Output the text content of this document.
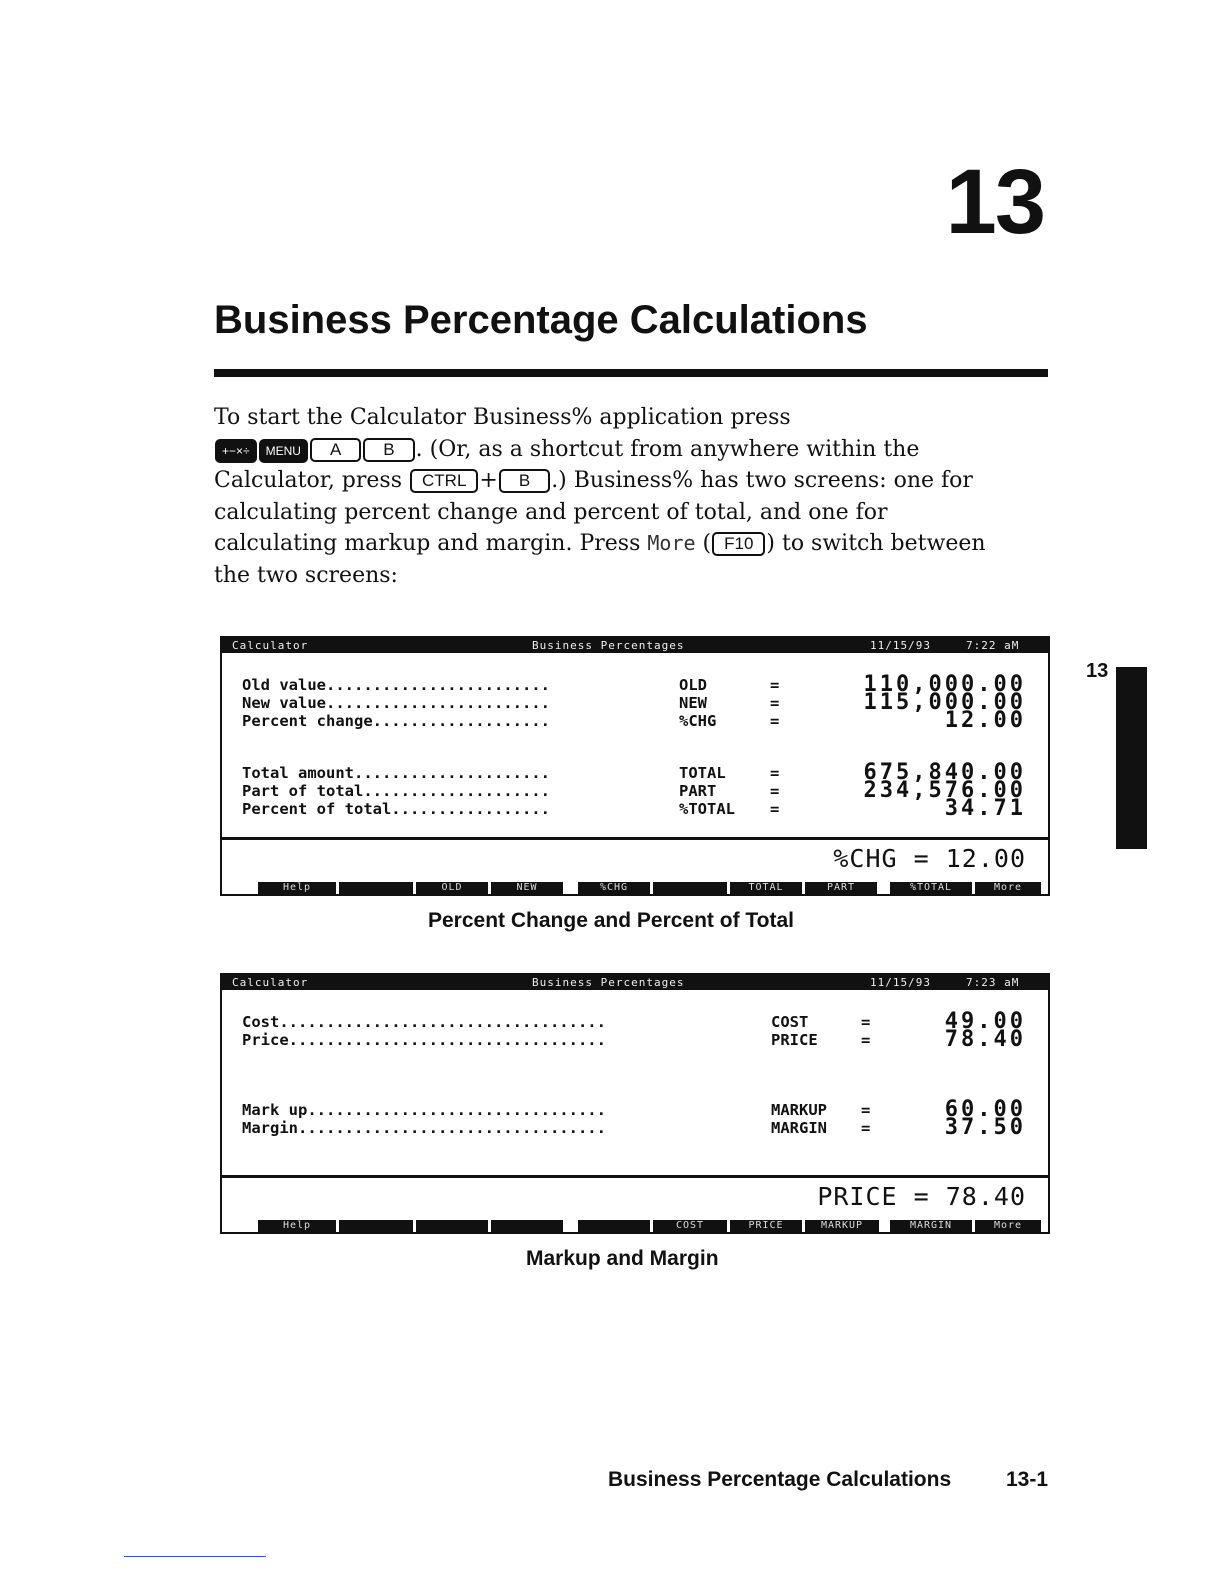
13
Business Percentage Calculations
To start the Calculator Business% application press
+−×÷ MENU A B . (Or, as a shortcut from anywhere within the Calculator, press CTRL + B .) Business% has two screens: one for calculating percent change and percent of total, and one for calculating markup and margin. Press More ( F10 ) to switch between the two screens:
13
Calculator	Business Percentages	11/15/93	7:22 aM
Old value........................	OLD	=	110,000.00
New value........................	NEW	=	115,000.00
Percent change...................	%CHG	=	12.00
Total amount.....................	TOTAL	=	675,840.00
Part of total....................	PART	=	234,576.00
Percent of total.................	%TOTAL =	34.71
%CHG = 12.00
Help	OLD	NEW	%CHG	TOTAL	PART	%TOTAL	More
Percent Change and Percent of Total
Calculator	Business Percentages	11/15/93	7:23 aM
Cost...................................	COST	=	49.00
Price..................................	PRICE	=	78.40
Mark up................................	MARKUP =	60.00
Margin.................................	MARGIN =	37.50
PRICE = 78.40
Help	COST	PRICE	MARKUP	MARGIN	More
Markup and Margin
Business Percentage Calculations	13-1
